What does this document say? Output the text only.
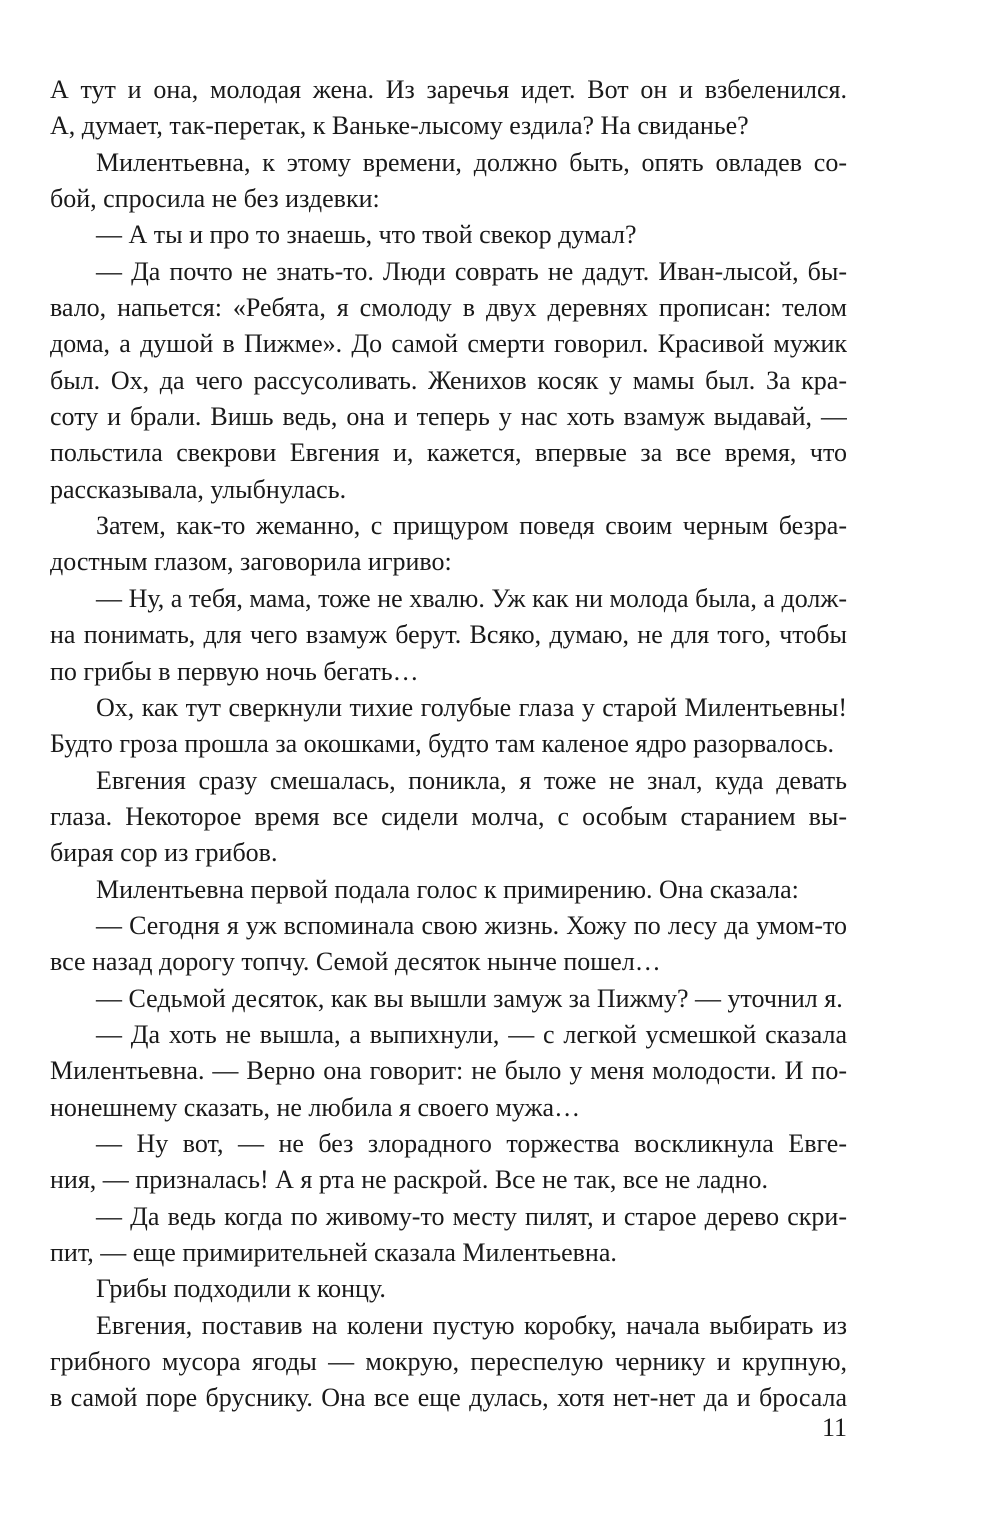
А тут и она, молодая жена. Из заречья идет. Вот он и взбеленился.
А, думает, так-перетак, к Ваньке-лысому ездила? На свиданье?
Милентьевна, к этому времени, должно быть, опять овладев со-
бой, спросила не без издевки:
— А ты и про то знаешь, что твой свекор думал?
— Да почто не знать-то. Люди соврать не дадут. Иван-лысой, бы-
вало, напьется: «Ребята, я смолоду в двух деревнях прописан: телом
дома, а душой в Пижме». До самой смерти говорил. Красивой мужик
был. Ох, да чего рассусоливать. Женихов косяк у мамы был. За кра-
соту и брали. Вишь ведь, она и теперь у нас хоть взамуж выдавай, —
польстила свекрови Евгения и, кажется, впервые за все время, что
рассказывала, улыбнулась.
Затем, как-то жеманно, с прищуром поведя своим черным безра-
достным глазом, заговорила игриво:
— Ну, а тебя, мама, тоже не хвалю. Уж как ни молода была, а долж-
на понимать, для чего взамуж берут. Всяко, думаю, не для того, чтобы
по грибы в первую ночь бегать…
Ох, как тут сверкнули тихие голубые глаза у старой Милентьевны!
Будто гроза прошла за окошками, будто там каленое ядро разорвалось.
Евгения сразу смешалась, поникла, я тоже не знал, куда девать
глаза. Некоторое время все сидели молча, с особым старанием вы-
бирая сор из грибов.
Милентьевна первой подала голос к примирению. Она сказала:
— Сегодня я уж вспоминала свою жизнь. Хожу по лесу да умом-то
все назад дорогу топчу. Семой десяток нынче пошел…
— Седьмой десяток, как вы вышли замуж за Пижму? — уточнил я.
— Да хоть не вышла, а выпихнули, — с легкой усмешкой сказала
Милентьевна. — Верно она говорит: не было у меня молодости. И по-
нонешнему сказать, не любила я своего мужа…
— Ну вот, — не без злорадного торжества воскликнула Евге-
ния, — призналась! А я рта не раскрой. Все не так, все не ладно.
— Да ведь когда по живому-то месту пилят, и старое дерево скри-
пит, — еще примирительней сказала Милентьевна.
Грибы подходили к концу.
Евгения, поставив на колени пустую коробку, начала выбирать из
грибного мусора ягоды — мокрую, переспелую чернику и крупную,
в самой поре бруснику. Она все еще дулась, хотя нет-нет да и бросала
11
